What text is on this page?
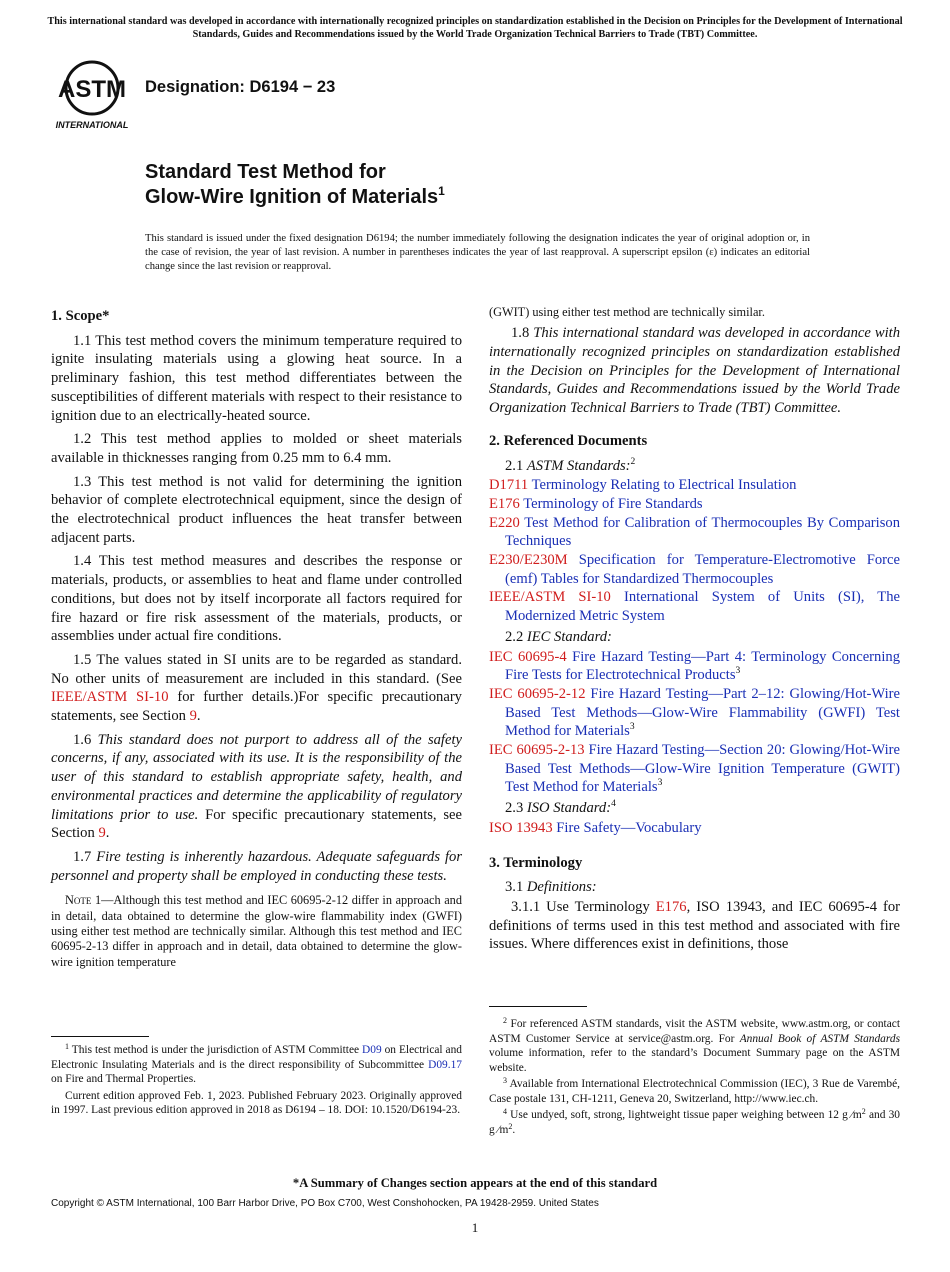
This international standard was developed in accordance with internationally recognized principles on standardization established in the Decision on Principles for the Development of International Standards, Guides and Recommendations issued by the World Trade Organization Technical Barriers to Trade (TBT) Committee.
ASTM
INTERNATIONAL
Designation: D6194 − 23
Standard Test Method for
Glow-Wire Ignition of Materials$^1$
This standard is issued under the fixed designation D6194; the number immediately following the designation indicates the year of original adoption or, in the case of revision, the year of last revision. A number in parentheses indicates the year of last reapproval. A superscript epsilon (ε) indicates an editorial change since the last revision or reapproval.
1. Scope*

1.1 This test method covers the minimum temperature required to ignite insulating materials using a glowing heat source. In a preliminary fashion, this test method differentiates between the susceptibilities of different materials with respect to their resistance to ignition due to an electrically-heated source.

1.2 This test method applies to molded or sheet materials available in thicknesses ranging from 0.25 mm to 6.4 mm.

1.3 This test method is not valid for determining the ignition behavior of complete electrotechnical equipment, since the design of the electrotechnical product influences the heat transfer between adjacent parts.

1.4 This test method measures and describes the response or materials, products, or assemblies to heat and flame under controlled conditions, but does not by itself incorporate all factors required for fire hazard or fire risk assessment of the materials, products, or assemblies under actual fire conditions.

1.5 The values stated in SI units are to be regarded as standard. No other units of measurement are included in this standard. (See IEEE/ASTM SI-10 for further details.)For specific precautionary statements, see Section 9.

1.6 This standard does not purport to address all of the safety concerns, if any, associated with its use. It is the responsibility of the user of this standard to establish appropriate safety, health, and environmental practices and determine the applicability of regulatory limitations prior to use. For specific precautionary statements, see Section 9.

1.7 Fire testing is inherently hazardous. Adequate safeguards for personnel and property shall be employed in conducting these tests.

Note 1—Although this test method and IEC 60695-2-12 differ in approach and in detail, data obtained to determine the glow-wire flammability index (GWFI) using either test method are technically similar. Although this test method and IEC 60695-2-13 differ in approach and in detail, data obtained to determine the glow-wire ignition temperature

$^1$ This test method is under the jurisdiction of ASTM Committee D09 on Electrical and Electronic Insulating Materials and is the direct responsibility of Subcommittee D09.17 on Fire and Thermal Properties.

Current edition approved Feb. 1, 2023. Published February 2023. Originally approved in 1997. Last previous edition approved in 2018 as D6194 – 18. DOI: 10.1520/D6194-23.

(GWIT) using either test method are technically similar.

1.8 This international standard was developed in accordance with internationally recognized principles on standardization established in the Decision on Principles for the Development of International Standards, Guides and Recommendations issued by the World Trade Organization Technical Barriers to Trade (TBT) Committee.

2. Referenced Documents
2.1 ASTM Standards:$^2$
D1711 Terminology Relating to Electrical Insulation
E176 Terminology of Fire Standards
E220 Test Method for Calibration of Thermocouples By Comparison Techniques
E230/E230M Specification for Temperature-Electromotive Force (emf) Tables for Standardized Thermocouples
IEEE/ASTM SI-10 International System of Units (SI), The Modernized Metric System
2.2 IEC Standard:
IEC 60695-4 Fire Hazard Testing—Part 4: Terminology Concerning Fire Tests for Electrotechnical Products$^3$
IEC 60695-2-12 Fire Hazard Testing—Part 2–12: Glowing/Hot-Wire Based Test Methods—Glow-Wire Flammability (GWFI) Test Method for Materials$^3$
IEC 60695-2-13 Fire Hazard Testing—Section 20: Glowing/Hot-Wire Based Test Methods—Glow-Wire Ignition Temperature (GWIT) Test Method for Materials$^3$
2.3 ISO Standard:$^4$
ISO 13943 Fire Safety—Vocabulary
3. Terminology
3.1 Definitions:

3.1.1 Use Terminology E176, ISO 13943, and IEC 60695-4 for definitions of terms used in this test method and associated with fire issues. Where differences exist in definitions, those

$^2$ For referenced ASTM standards, visit the ASTM website, www.astm.org, or contact ASTM Customer Service at service@astm.org. For Annual Book of ASTM Standards volume information, refer to the standard’s Document Summary page on the ASTM website.

$^3$ Available from International Electrotechnical Commission (IEC), 3 Rue de Varembé, Case postale 131, CH-1211, Geneva 20, Switzerland, http://www.iec.ch.

$^4$ Use undyed, soft, strong, lightweight tissue paper weighing between 12 g $⁄m^2$ and 30 g $⁄m^2$.

*A Summary of Changes section appears at the end of this standard
Copyright © ASTM International, 100 Barr Harbor Drive, PO Box C700, West Conshohocken, PA 19428-2959. United States
1
